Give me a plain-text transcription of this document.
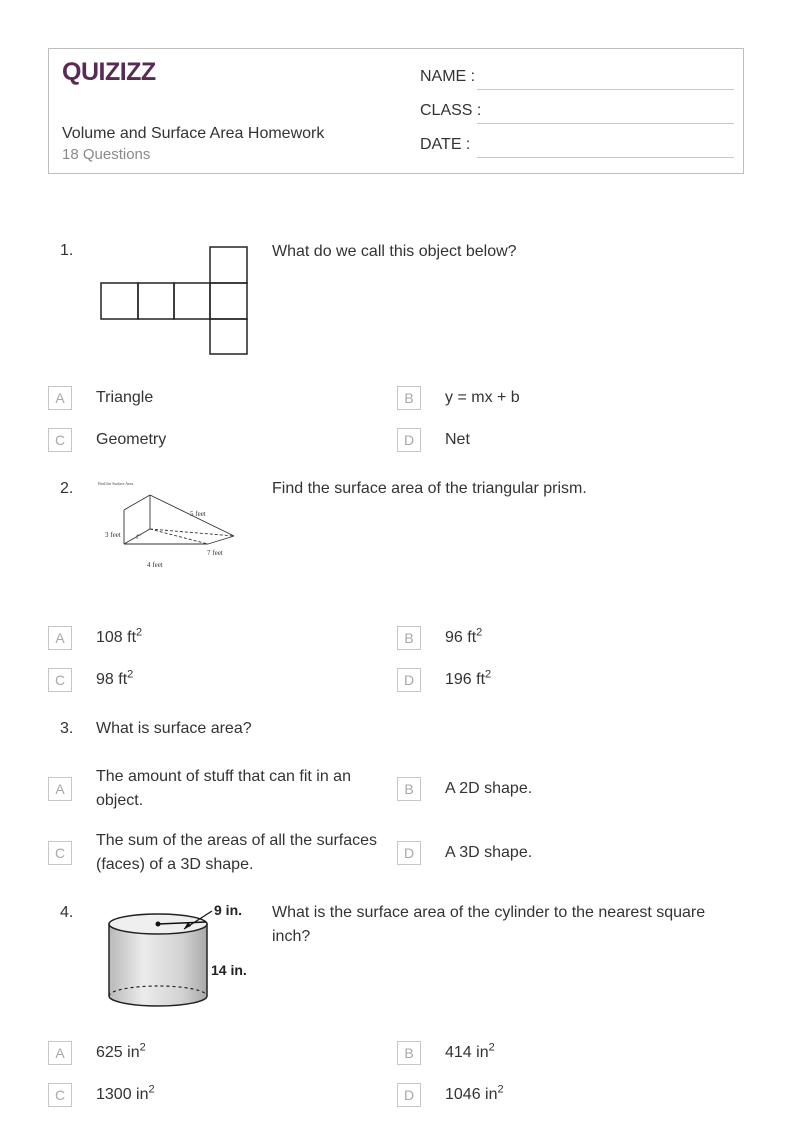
QUIZIZZ
Volume and Surface Area Homework
18 Questions
NAME :
CLASS :
DATE :
1.	What do we call this object below?
A	Triangle	B	y = mx + b
C	Geometry	D	Net
2.	Find the Surface Area.
5 feet
3 feet
7 feet
4 feet
Find the surface area of the triangular prism.
A	108 $ft^2$	B	96 $ft^2$
C	98 $ft^2$	D	196 $ft^2$
3. What is surface area?
A
The amount of stuff that can fit in an object.
B	A 2D shape.
C
The sum of the areas of all the surfaces (faces) of a 3D shape.
D	A 3D shape.
4.	9 in.
14 in.
What is the surface area of the cylinder to the nearest square inch?
A	625 $in^2$	B	414 $in^2$
C	1300 $in^2$	D	1046 $in^2$
